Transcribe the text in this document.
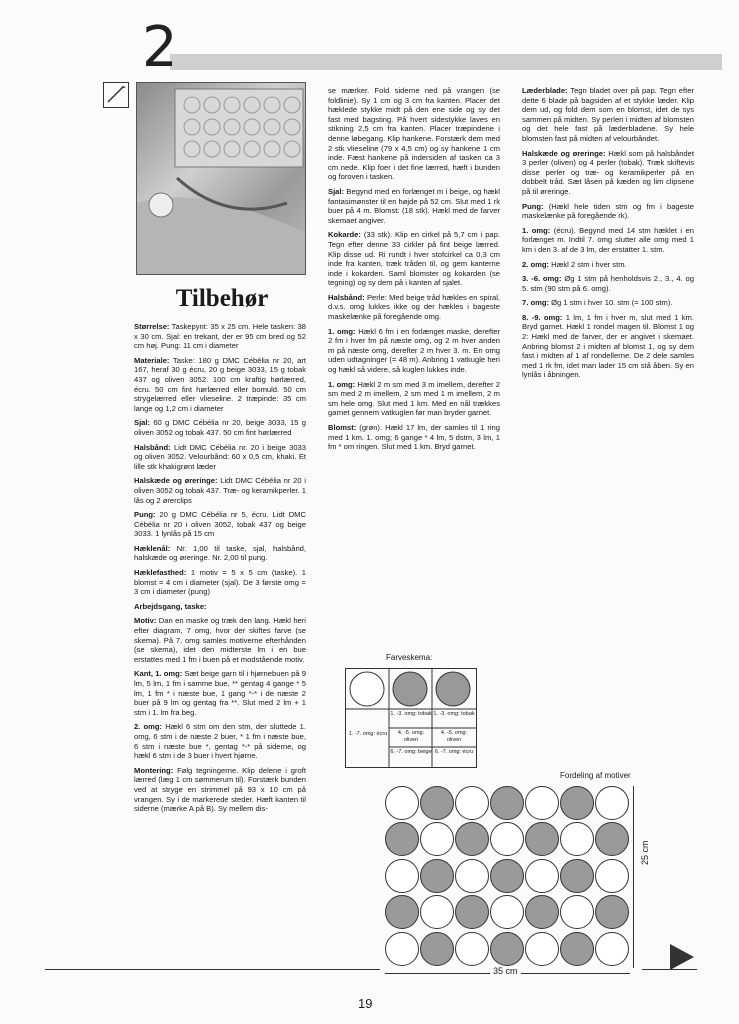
2
Tilbehør

Størrelse: Taskepynt: 35 x 25 cm. Hele tasken: 38 x 30 cm. Sjal: en trekant, der er 95 cm bred og 52 cm høj. Pung: 11 cm i diameter

Materiale: Taske: 180 g DMC Cébélia nr 20, art 167, heraf 30 g écru, 20 g beige 3033, 15 g tobak 437 og oliven 3052. 100 cm kraftig hørlærred, écru. 50 cm fint hørlærred eller bomuld. 50 cm strygelærred eller vlieseline. 2 træpinde: 35 cm lange og 1,2 cm i diameter

Sjal: 60 g DMC Cébélia nr 20, beige 3033, 15 g oliven 3052 og tobak 437. 50 cm fint hørlærred

Halsbånd: Lidt DMC Cébélia nr. 20 i beige 3033 og oliven 3052. Velourbånd: 60 x 0,5 cm, khaki. Et lille stk khakigrønt læder

Halskæde og øreringe: Lidt DMC Cébélia nr 20 i oliven 3052 og tobak 437. Træ- og keramikperler. 1 lås og 2 ørerclips

Pung: 20 g DMC Cébélia nr 5, écru. Lidt DMC Cébélia nr 20 i oliven 3052, tobak 437 og beige 3033. 1 lynlås på 15 cm

Hæklenål: Nr. 1,00 til taske, sjal, halsbånd, halskæde og øreringe. Nr. 2,00 til pung.

Hæklefasthed: 1 motiv = 5 x 5 cm (taske). 1 blomst = 4 cm i diameter (sjal). De 3 første omg = 3 cm i diameter (pung)

Arbejdsgang, taske:

Motiv: Dan en maske og træk den lang. Hækl heri efter diagram, 7 omg, hvor der skiftes farve (se skema). På 7. omg samles motiverne efterhånden (se skema), idet den midterste lm i en bue erstattes med 1 fm i buen på et modstående motiv.

Kant, 1. omg: Sæt beige garn til i hjørnebuen på 9 lm, 5 lm, 1 fm i samme bue, ** gentag 4 gange * 5 lm, 1 fm * i næste bue, 1 gang *-* i de næste 2 buer på 9 lm og gentag fra **. Slut med 2 lm + 1 stm i 1. lm fra beg.

2. omg: Hækl 6 stm om den stm, der sluttede 1. omg, 6 stm i de næste 2 buer, * 1 fm i næste bue, 6 stm i næste bue *, gentag *-* på siderne, og hækl 6 stm i de 3 buer i hvert hjørne.

Montering: Følg tegningerne. Klip delene i groft lærred (læg 1 cm sømmerum til). Forstærk bunden ved at stryge en strimmel på 93 x 10 cm på vrangen. Sy i de markerede steder. Hæft kanten til siderne (mærke A på B). Sy mellem dis-

se mærker. Fold siderne ned på vrangen (se foldlinie). Sy 1 cm og 3 cm fra kanten. Placer det hæklede stykke midt på den ene side og sy det fast med bagsting. På hvert sidestykke laves en stikning 2,5 cm fra kanten. Placer træpindene i denne løbegang. Klip hankene. Forstærk dem med 2 stk vlieseline (79 x 4,5 cm) og sy hankene 1 cm inde. Fæst hankene på indersiden af tasken ca 3 cm nede. Klip foer i det fine lærred, hæft i bunden og foroven i tasken.

Sjal: Begynd med en forlænget m i beige, og hækl fantasimønster til en højde på 52 cm. Slut med 1 rk buer på 4 m. Blomst: (18 stk). Hækl med de farver skemaet angiver.

Kokarde: (33 stk). Klip en cirkel på 5,7 cm i pap. Tegn efter denne 33 cirkler på fint beige lærred. Klip disse ud. Ri rundt i hver stofcirkel ca 0,3 cm inde fra kanten, træk tråden til, og gem kanterne inde i kokarden. Saml blomster og kokarden (se tegning) og sy dem på i kanten af sjalet.

Halsbånd: Perle: Med beige tråd hækles en spiral, d.v.s. omg lukkes ikke og der hækles i bageste maskelænke på foregående omg.

1. omg: Hækl 6 fm i en forlænget maske, derefter 2 fm i hver fm på næste omg, og 2 m hver anden m på næste omg, derefter 2 m hver 3. m. En omg uden udtagninger (= 48 m). Anbring 1 vatkugle heri og hækl så videre, så kuglen lukkes inde.

1. omg: Hækl 2 m sm med 3 m imellem, derefter 2 sm med 2 m imellem, 2 sm med 1 m imellem, 2 m sm hele omg. Slut med 1 km. Med en nål trækkes garnet gennem vatkuglen før man bryder garnet.

Blomst: (grøn). Hækl 17 lm, der samles til 1 ring med 1 km. 1. omg; 6 gange * 4 lm, 5 dstm, 3 lm, 1 fm * om ringen. Slut med 1 km. Bryd garnet.

Læderblade: Tegn bladet over på pap. Tegn efter dette 6 blade på bagsiden af et stykke læder. Klip dem ud, og fold dem som en blomst, idet de sys sammen på midten. Sy perlen i midten af blomsten og det hele fast på læderbladene. Sy hele blomsten fast på midten af velourbåndet.

Halskæde og øreringe: Hækl som på halsbåndet 3 perler (oliven) og 4 perler (tobak). Træk skiftevis disse perler og træ- og keramikperler på en dobbelt tråd. Sæt låsen på kæden og lim clipsene på til øreringe.

Pung: (Hækl hele tiden stm og fm i bageste maskelænke på foregående rk).

1. omg: (écru). Begynd med 14 stm hæklet i en forlænget m. Indtil 7. omg slutter alle omg med 1 km i den 3. af de 3 lm, der erstatter 1. stm.

2. omg: Hækl 2 stm i hver stm.

3. -6. omg: Øg 1 stm på henholdsvis 2., 3., 4. og 5. stm (90 stm på 6. omg).

7. omg: Øg 1 stm i hver 10. stm (= 100 stm).

8. -9. omg: 1 lm, 1 fm i hver m, slut med 1 km. Bryd garnet. Hækl 1 rondel magen til. Blomst 1 og 2: Hækl med de farver, der er angivet i skemaet. Anbring blomst 2 i midten af blomst 1, og sy dem fast i midten af 1 af rondellerne. De 2 dele samles med 1 rk fm, idet man lader 15 cm stå åben. Sy en lynlås i åbningen.

Farveskema:
1. -7. omg: écru
1. -3. omg: tobak
4. -5. omg: oliven
6. -7. omg: beige
1. -3. omg: tobak
4. -5. omg: oliven
6. -7. omg: écru
Fordeling af motiver
25 cm
35 cm
19
